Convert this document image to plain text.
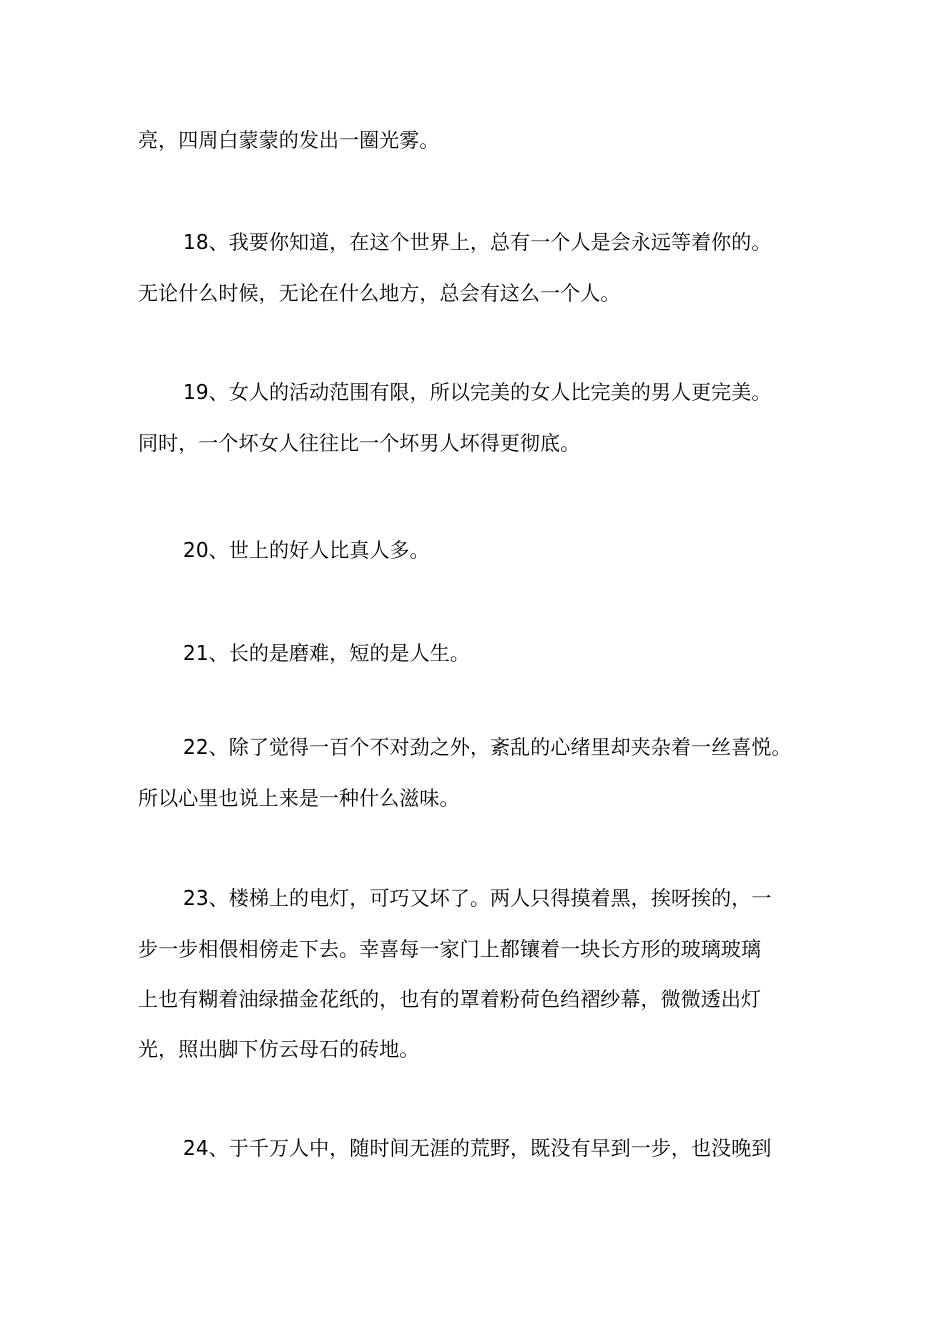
亮，四周白蒙蒙的发出一圈光雾。
18、我要你知道，在这个世界上，总有一个人是会永远等着你的。
无论什么时候，无论在什么地方，总会有这么一个人。
19、女人的活动范围有限，所以完美的女人比完美的男人更完美。
同时，一个坏女人往往比一个坏男人坏得更彻底。
20、世上的好人比真人多。
21、长的是磨难，短的是人生。
22、除了觉得一百个不对劲之外，紊乱的心绪里却夹杂着一丝喜悦。
所以心里也说上来是一种什么滋味。
23、楼梯上的电灯，可巧又坏了。两人只得摸着黑，挨呀挨的，一
步一步相偎相傍走下去。幸喜每一家门上都镶着一块长方形的玻璃玻璃
上也有糊着油绿描金花纸的，也有的罩着粉荷色绉褶纱幕，微微透出灯
光，照出脚下仿云母石的砖地。
24、于千万人中，随时间无涯的荒野，既没有早到一步，也没晚到
